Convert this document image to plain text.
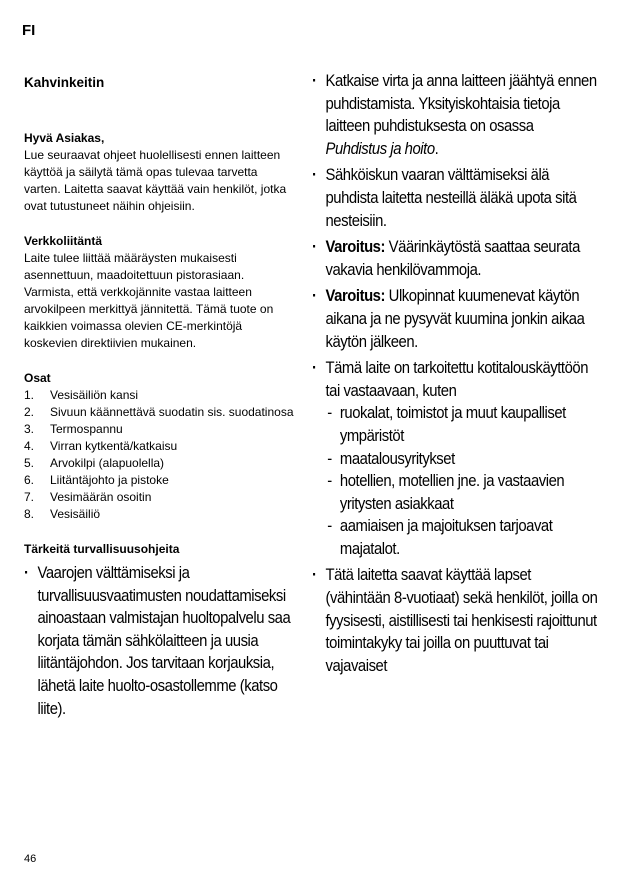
FI

Kahvinkeitin

Hyvä Asiakas,

Lue seuraavat ohjeet huolellisesti ennen laitteen käyttöä ja säilytä tämä opas tulevaa tarvetta varten. Laitetta saavat käyttää vain henkilöt, jotka ovat tutustuneet näihin ohjeisiin.

Verkkoliitäntä

Laite tulee liittää määräysten mukaisesti asennettuun, maadoitettuun pistorasiaan. Varmista, että verkkojännite vastaa laitteen arvokilpeen merkittyä jännitettä. Tämä tuote on kaikkien voimassa olevien CE-merkintöjä koskevien direktiivien mukainen.

Osat
1. Vesisäiliön kansi
2. Sivuun käännettävä suodatin sis. suodatinosa
3. Termospannu
4. Virran kytkentä/katkaisu
5. Arvokilpi (alapuolella)
6. Liitäntäjohto ja pistoke
7. Vesimäärän osoitin
8. Vesisäiliö
Tärkeitä turvallisuusohjeita
· Vaarojen välttämiseksi ja turvallisuusvaatimusten noudattamiseksi ainoastaan valmistajan huoltopalvelu saa korjata tämän sähkölaitteen ja uusia liitäntäjohdon. Jos tarvitaan korjauksia, lähetä laite huolto-osastollemme (katso liite).
· Katkaise virta ja anna laitteen jäähtyä ennen puhdistamista. Yksityiskohtaisia tietoja laitteen puhdistuksesta on osassa Puhdistus ja hoito.
· Sähköiskun vaaran välttämiseksi älä puhdista laitetta nesteillä äläkä upota sitä nesteisiin.
· Varoitus: Väärinkäytöstä saattaa seurata vakavia henkilövammoja.
· Varoitus: Ulkopinnat kuumenevat käytön aikana ja ne pysyvät kuumina jonkin aikaa käytön jälkeen.
· Tämä laite on tarkoitettu kotitalouskäyttöön tai vastaavaan, kuten
- ruokalat, toimistot ja muut kaupalliset ympäristöt
- maatalousyritykset
- hotellien, motellien jne. ja vastaavien yritysten asiakkaat
- aamiaisen ja majoituksen tarjoavat majatalot.
· Tätä laitetta saavat käyttää lapset (vähintään 8-vuotiaat) sekä henkilöt, joilla on fyysisesti, aistillisesti tai henkisesti rajoittunut toimintakyky tai joilla on puuttuvat tai vajavaiset
46
